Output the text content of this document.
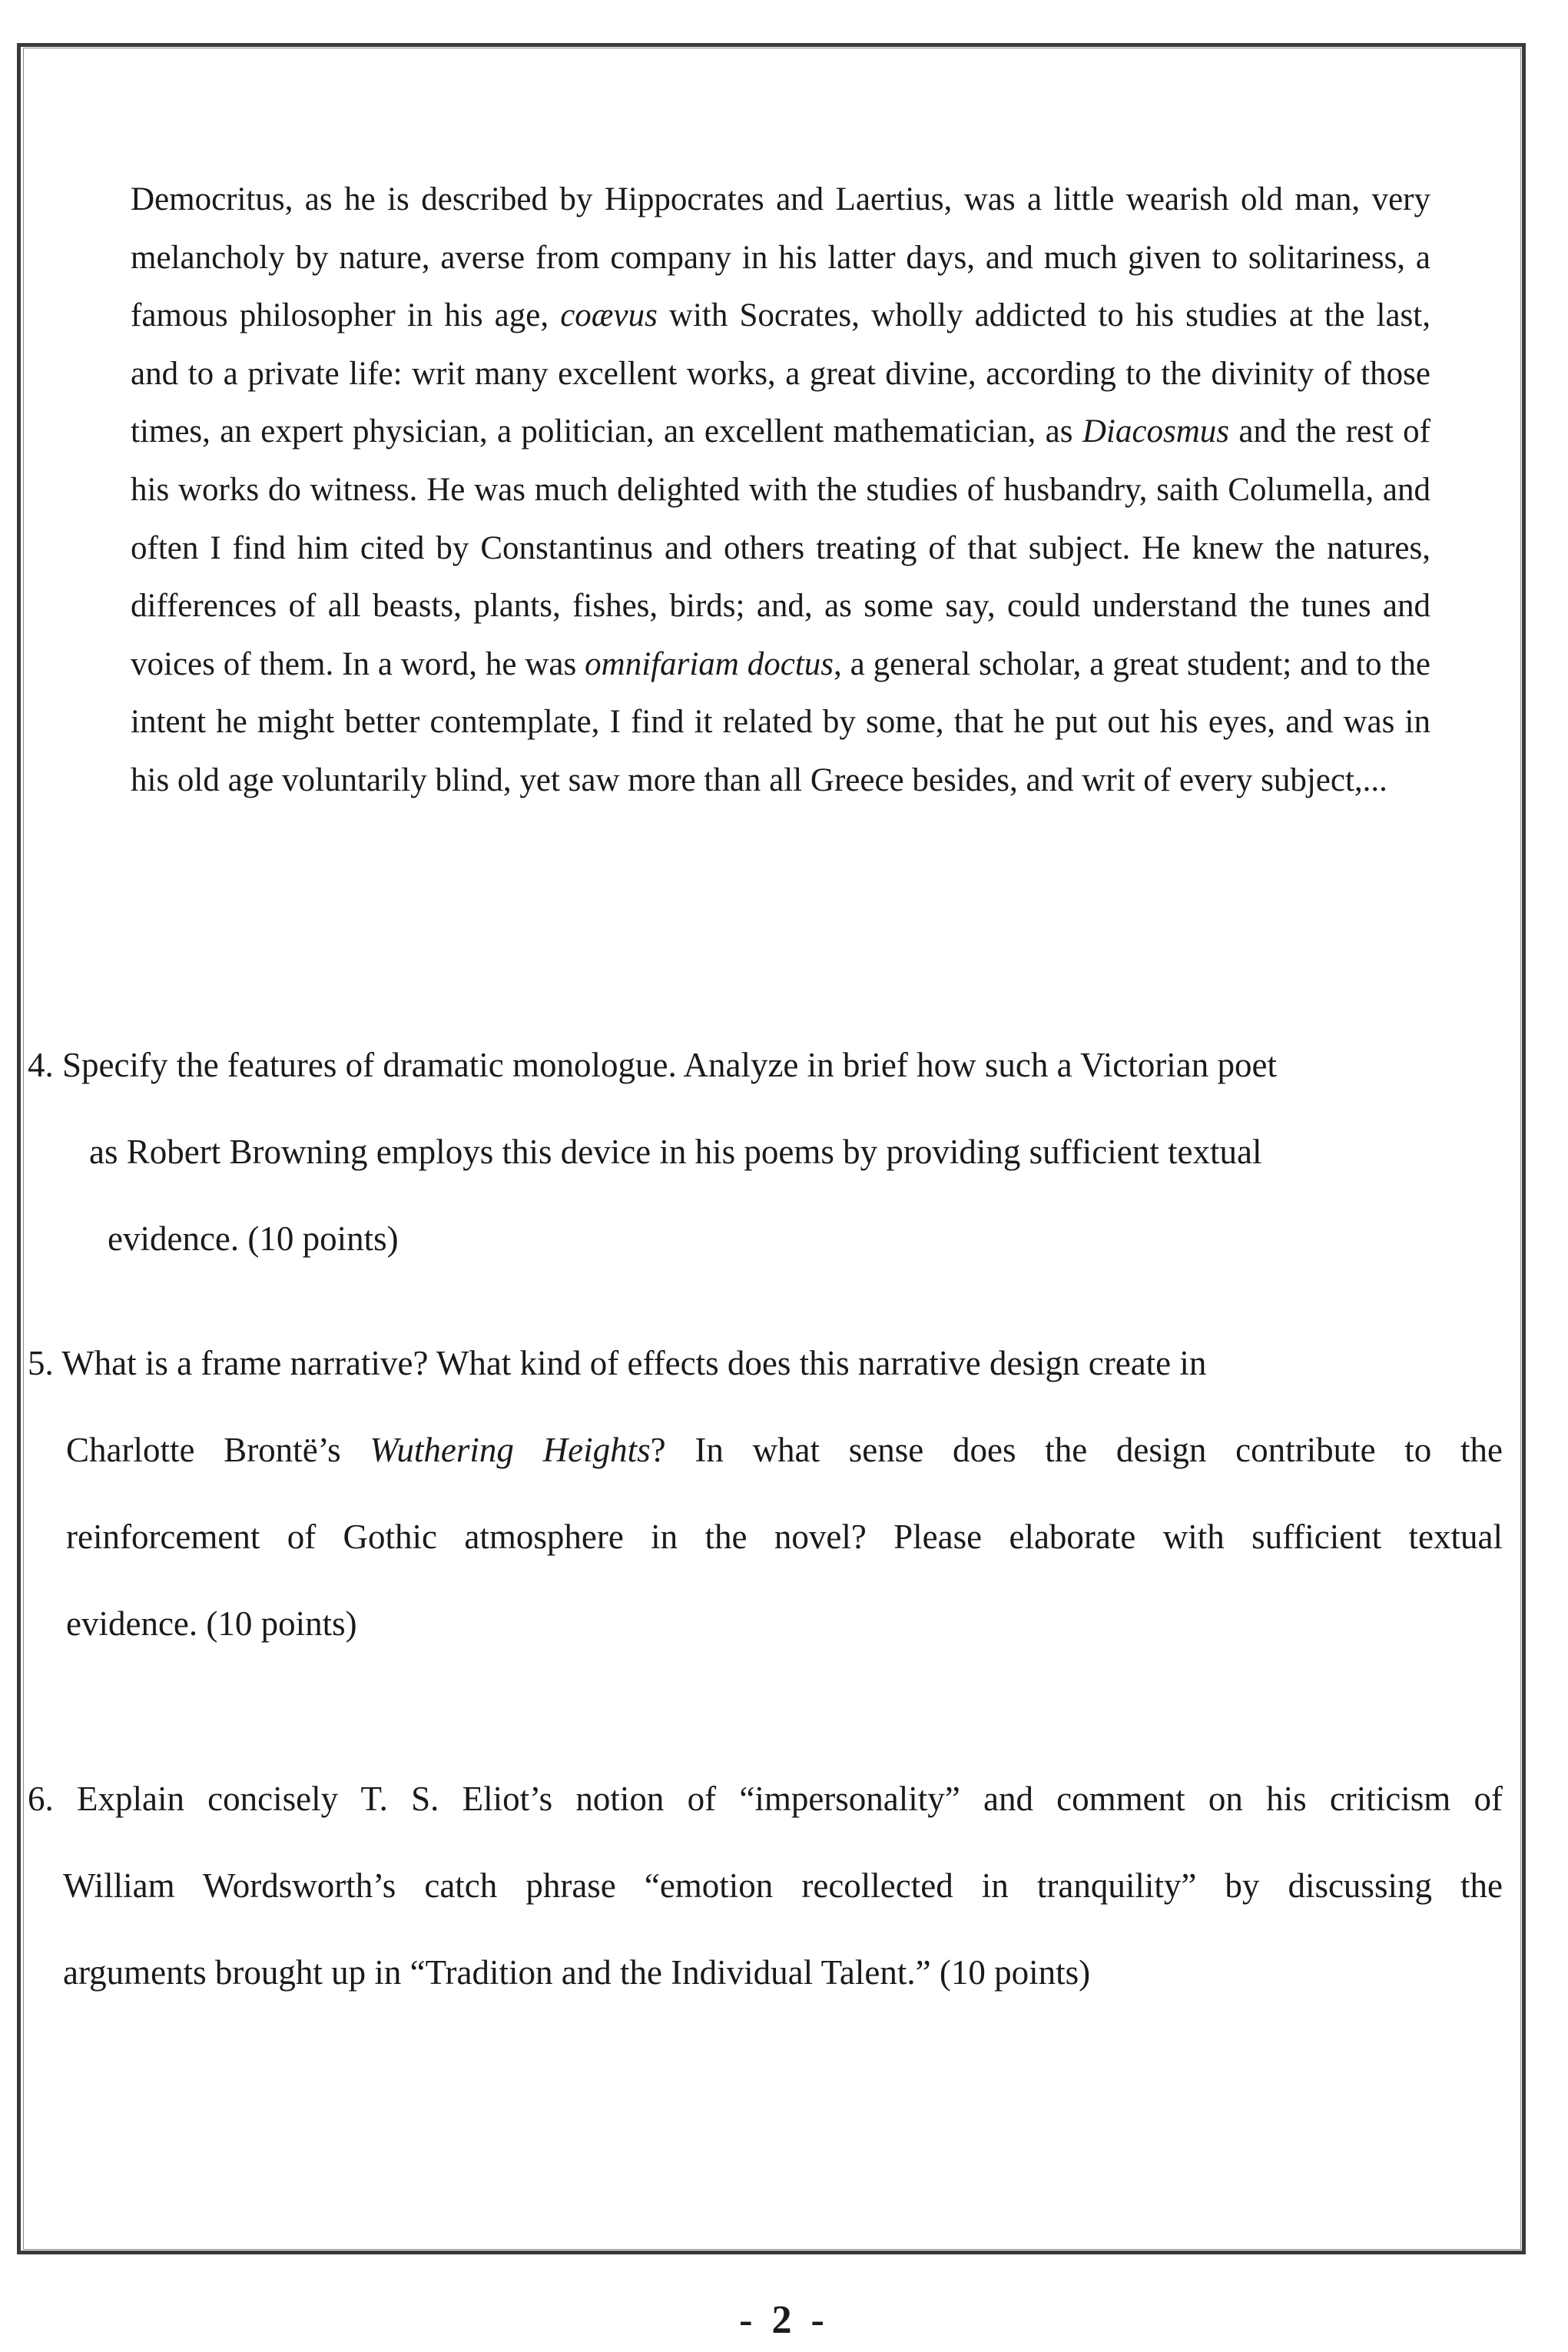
Democritus, as he is described by Hippocrates and Laertius, was a little wearish old man, very melancholy by nature, averse from company in his latter days, and much given to solitariness, a famous philosopher in his age, coævus with Socrates, wholly addicted to his studies at the last, and to a private life: writ many excellent works, a great divine, according to the divinity of those times, an expert physician, a politician, an excellent mathematician, as Diacosmus and the rest of his works do witness. He was much delighted with the studies of husbandry, saith Columella, and often I find him cited by Constantinus and others treating of that subject. He knew the natures, differences of all beasts, plants, fishes, birds; and, as some say, could understand the tunes and voices of them. In a word, he was omnifariam doctus, a general scholar, a great student; and to the intent he might better contemplate, I find it related by some, that he put out his eyes, and was in his old age voluntarily blind, yet saw more than all Greece besides, and writ of every subject,...

4. Specify the features of dramatic monologue. Analyze in brief how such a Victorian poet
as Robert Browning employs this device in his poems by providing sufficient textual
evidence. (10 points)
5. What is a frame narrative? What kind of effects does this narrative design create in
Charlotte Brontë’s Wuthering Heights? In what sense does the design contribute to the
reinforcement of Gothic atmosphere in the novel? Please elaborate with sufficient textual
evidence. (10 points)
6. Explain concisely T. S. Eliot’s notion of “impersonality” and comment on his criticism of
William Wordsworth’s catch phrase “emotion recollected in tranquility” by discussing the
arguments brought up in “Tradition and the Individual Talent.” (10 points)
- 2 -
